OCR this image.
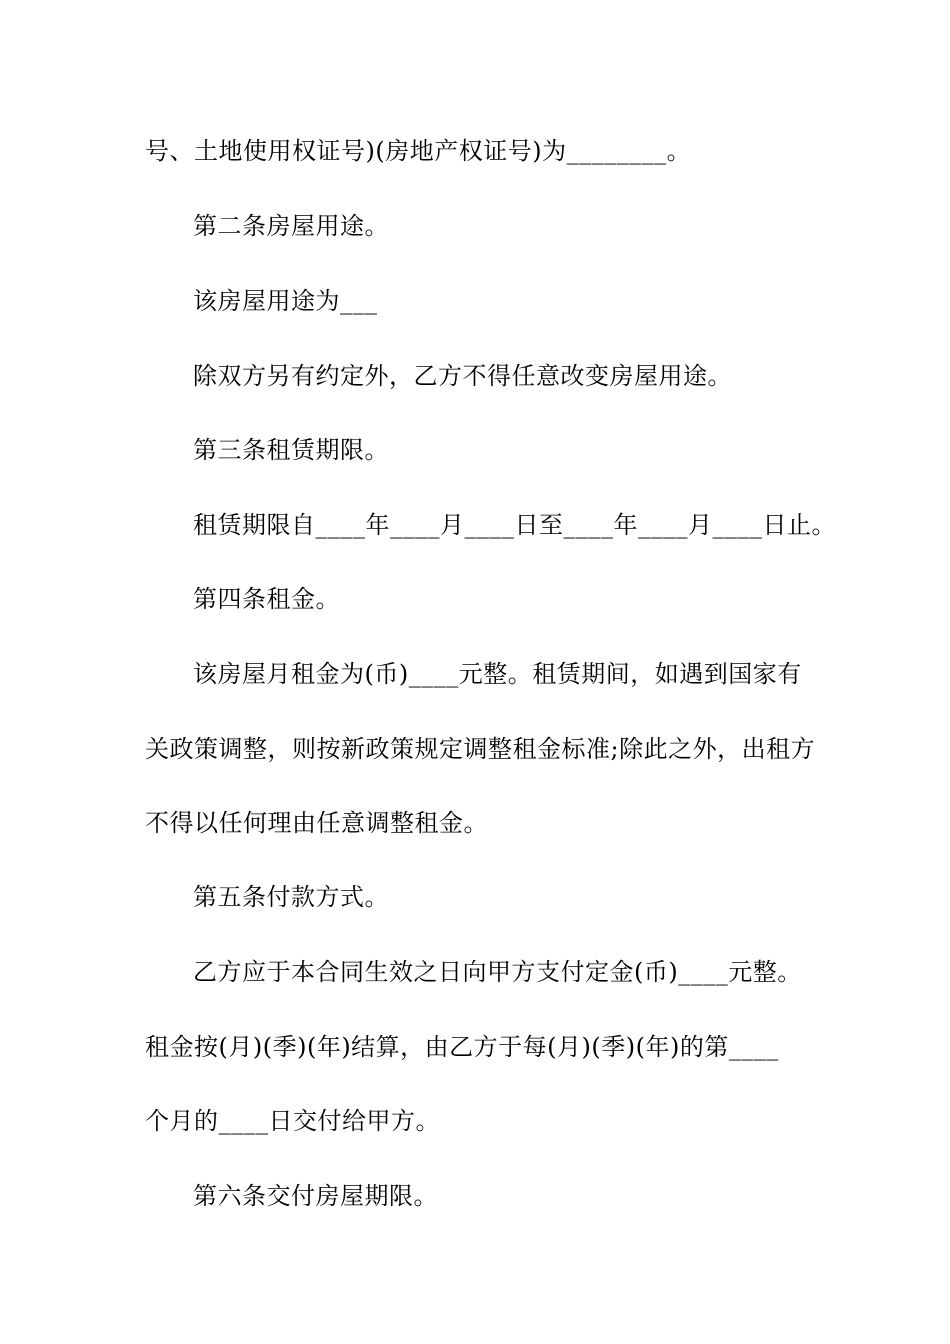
号、土地使用权证号)(房地产权证号)为________。
第二条房屋用途。
该房屋用途为___
除双方另有约定外，乙方不得任意改变房屋用途。
第三条租赁期限。
租赁期限自____年____月____日至____年____月____日止。
第四条租金。
该房屋月租金为(币)____元整。租赁期间，如遇到国家有
关政策调整，则按新政策规定调整租金标准;除此之外，出租方
不得以任何理由任意调整租金。
第五条付款方式。
乙方应于本合同生效之日向甲方支付定金(币)____元整。
租金按(月)(季)(年)结算，由乙方于每(月)(季)(年)的第____
个月的____日交付给甲方。
第六条交付房屋期限。
